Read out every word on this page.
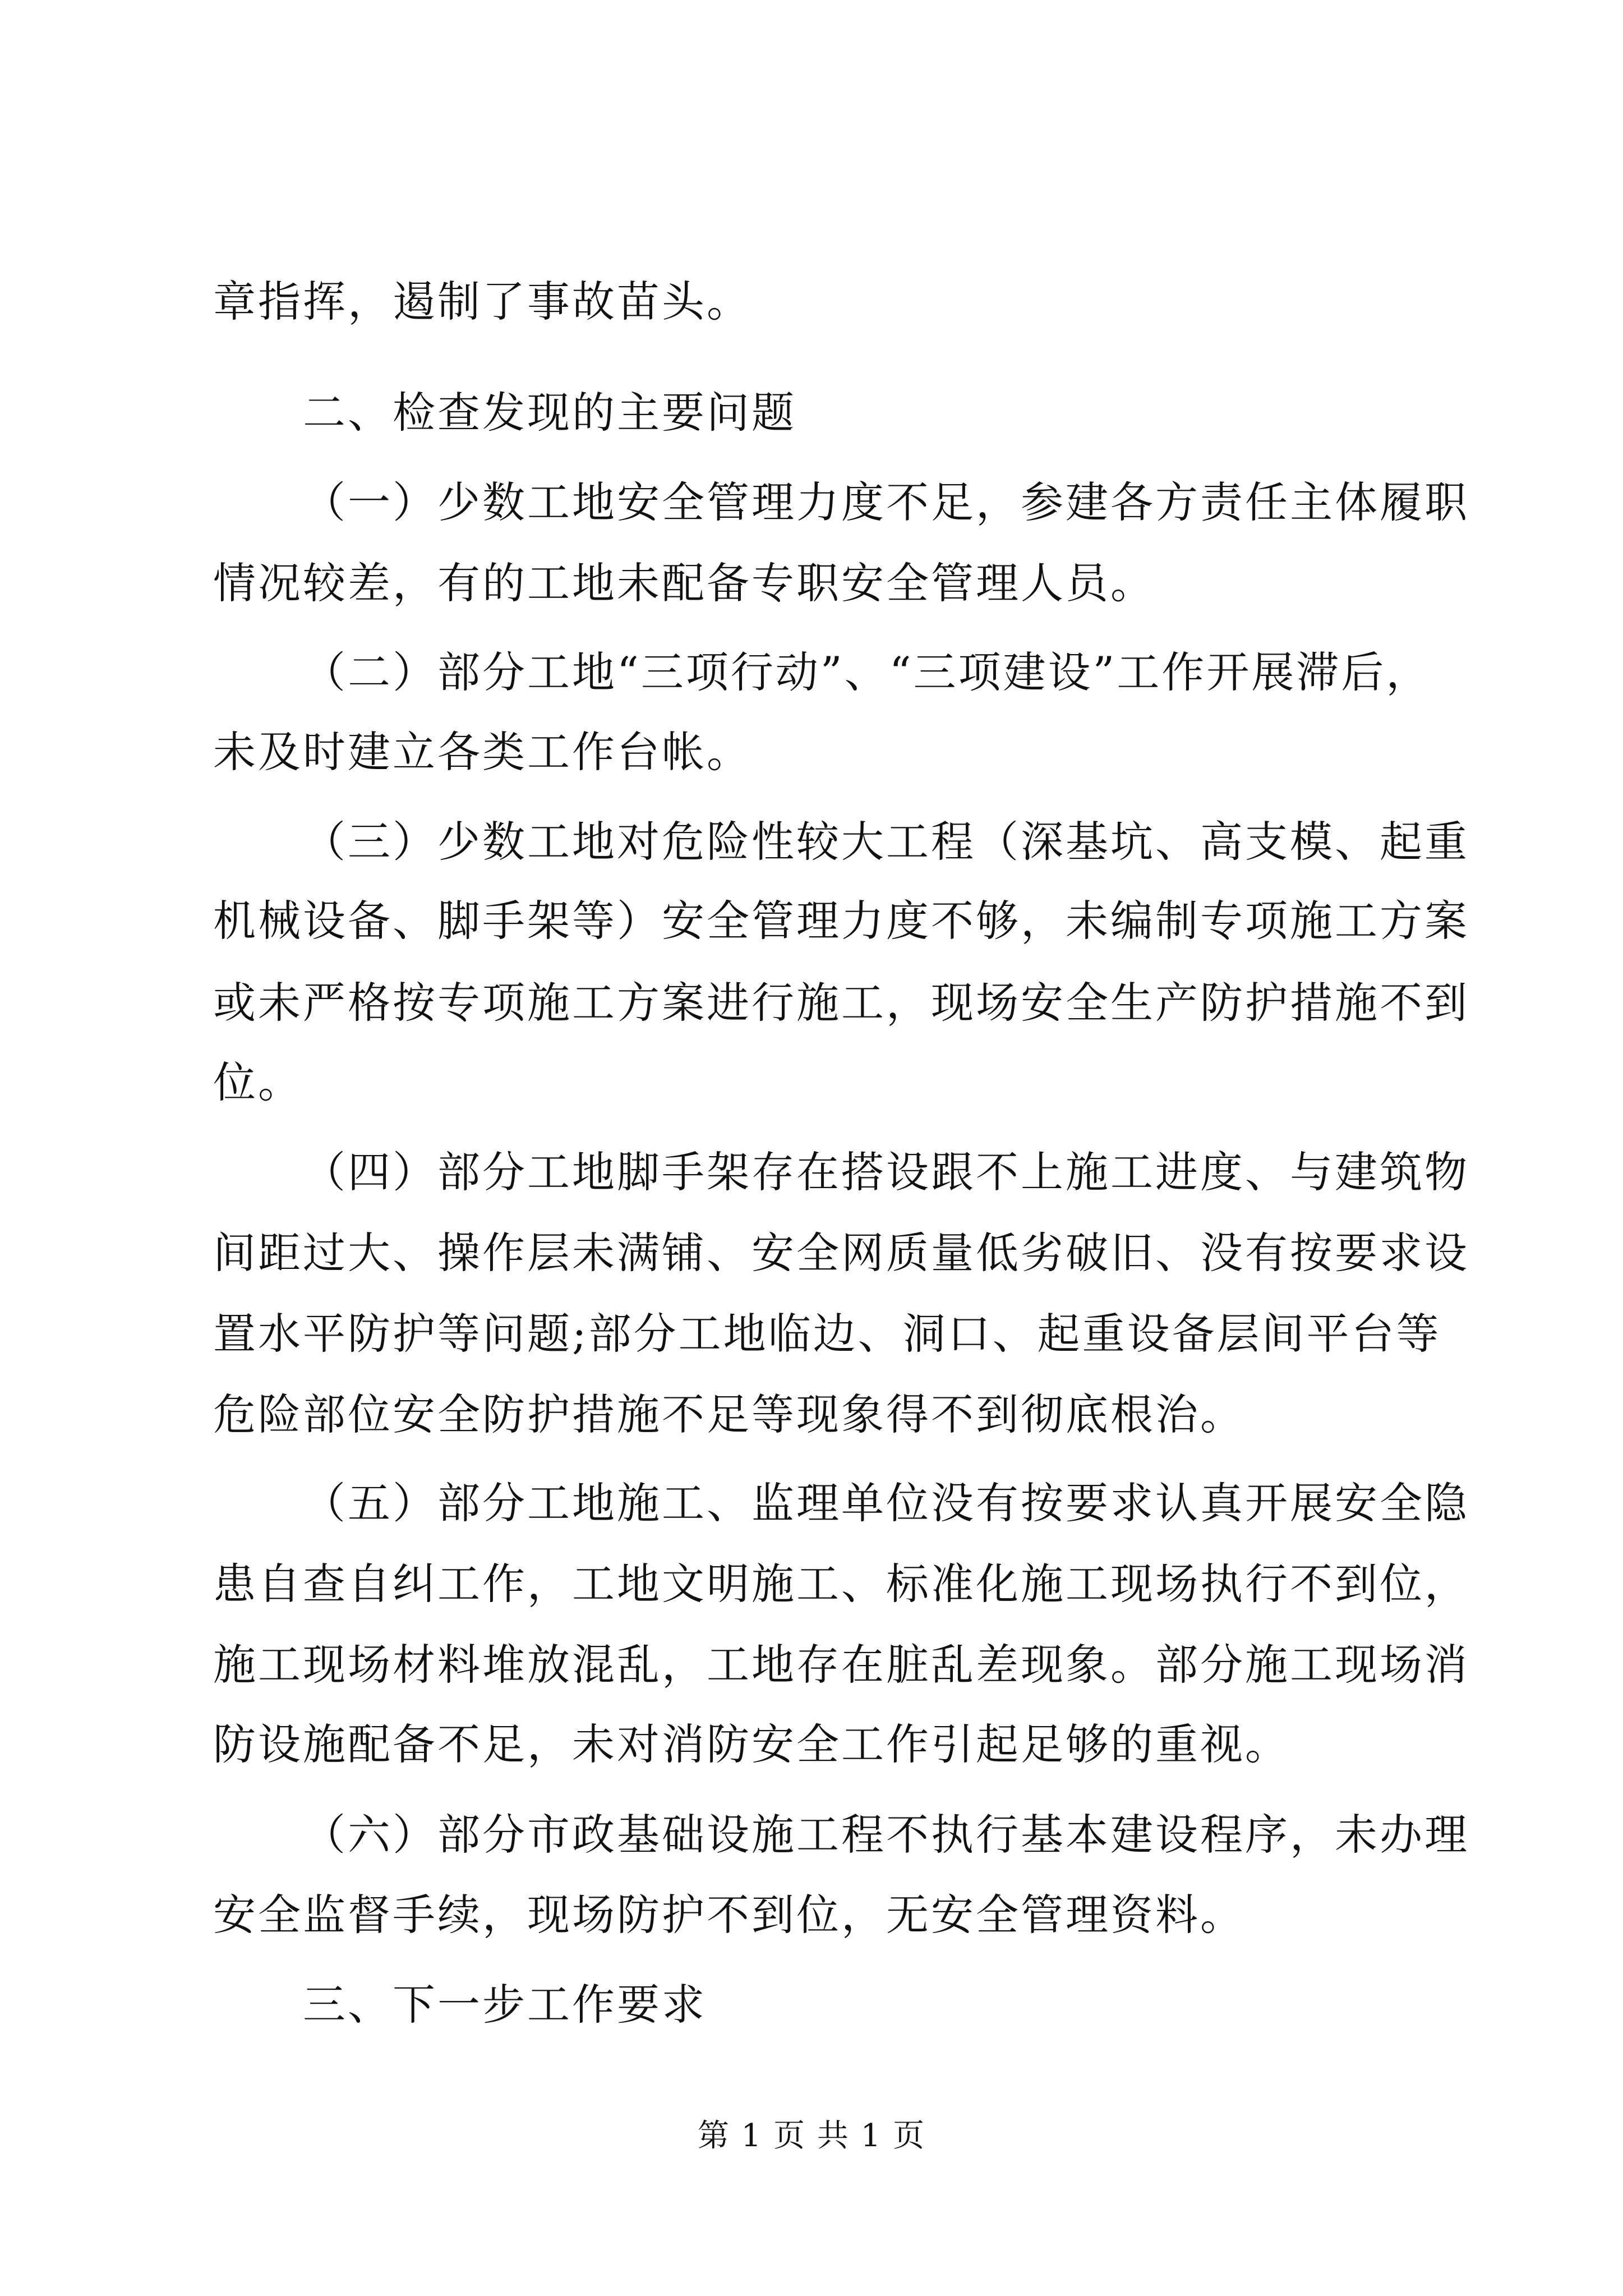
章指挥，遏制了事故苗头。
二、检查发现的主要问题
（一）少数工地安全管理力度不足，参建各方责任主体履职
情况较差，有的工地未配备专职安全管理人员。
（二）部分工地“三项行动”、“三项建设”工作开展滞后，
未及时建立各类工作台帐。
（三）少数工地对危险性较大工程（深基坑、高支模、起重
机械设备、脚手架等）安全管理力度不够，未编制专项施工方案
或未严格按专项施工方案进行施工，现场安全生产防护措施不到
位。
（四）部分工地脚手架存在搭设跟不上施工进度、与建筑物
间距过大、操作层未满铺、安全网质量低劣破旧、没有按要求设
置水平防护等问题;部分工地临边、洞口、起重设备层间平台等
危险部位安全防护措施不足等现象得不到彻底根治。
（五）部分工地施工、监理单位没有按要求认真开展安全隐
患自查自纠工作，工地文明施工、标准化施工现场执行不到位，
施工现场材料堆放混乱，工地存在脏乱差现象。部分施工现场消
防设施配备不足，未对消防安全工作引起足够的重视。
（六）部分市政基础设施工程不执行基本建设程序，未办理
安全监督手续，现场防护不到位，无安全管理资料。
三、下一步工作要求
第 1 页 共 1 页
